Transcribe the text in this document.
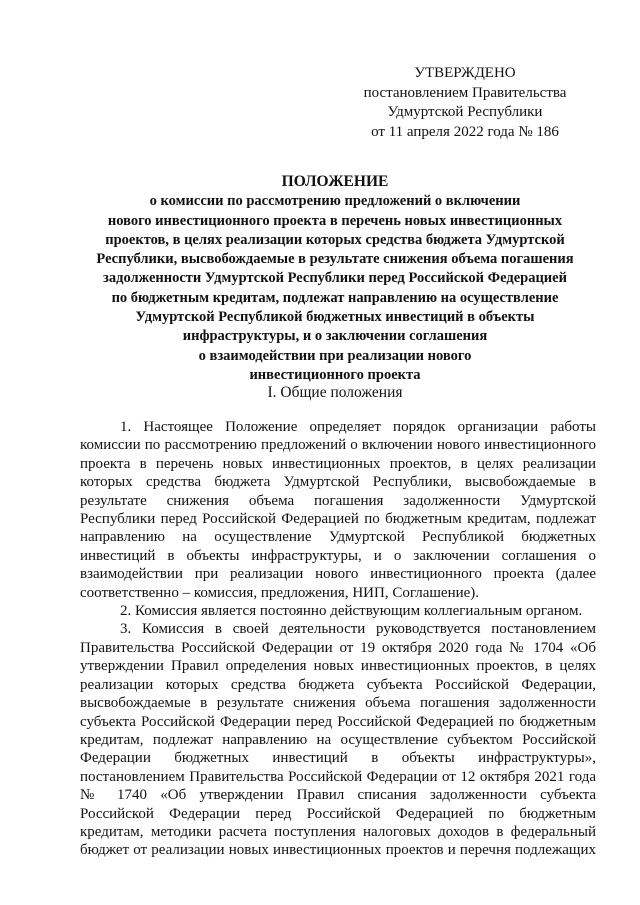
УТВЕРЖДЕНО
постановлением Правительства
Удмуртской Республики
от 11 апреля 2022 года № 186
ПОЛОЖЕНИЕ
о комиссии по рассмотрению предложений о включении
нового инвестиционного проекта в перечень новых инвестиционных
проектов, в целях реализации которых средства бюджета Удмуртской
Республики, высвобождаемые в результате снижения объема погашения
задолженности Удмуртской Республики перед Российской Федерацией
по бюджетным кредитам, подлежат направлению на осуществление
Удмуртской Республикой бюджетных инвестиций в объекты
инфраструктуры, и о заключении соглашения
о взаимодействии при реализации нового
инвестиционного проекта
I. Общие положения
1. Настоящее Положение определяет порядок организации работы
комиссии по рассмотрению предложений о включении нового инвестиционного
проекта в перечень новых инвестиционных проектов, в целях реализации
которых средства бюджета Удмуртской Республики, высвобождаемые в
результате снижения объема погашения задолженности Удмуртской
Республики перед Российской Федерацией по бюджетным кредитам, подлежат
направлению на осуществление Удмуртской Республикой бюджетных
инвестиций в объекты инфраструктуры, и о заключении соглашения о
взаимодействии при реализации нового инвестиционного проекта (далее
соответственно – комиссия, предложения, НИП, Соглашение).
2. Комиссия является постоянно действующим коллегиальным органом.
3. Комиссия в своей деятельности руководствуется постановлением
Правительства Российской Федерации от 19 октября 2020 года № 1704 «Об
утверждении Правил определения новых инвестиционных проектов, в целях
реализации которых средства бюджета субъекта Российской Федерации,
высвобождаемые в результате снижения объема погашения задолженности
субъекта Российской Федерации перед Российской Федерацией по бюджетным
кредитам, подлежат направлению на осуществление субъектом Российской
Федерации бюджетных инвестиций в объекты инфраструктуры»,
постановлением Правительства Российской Федерации от 12 октября 2021 года
№ 1740 «Об утверждении Правил списания задолженности субъекта
Российской Федерации перед Российской Федерацией по бюджетным
кредитам, методики расчета поступления налоговых доходов в федеральный
бюджет от реализации новых инвестиционных проектов и перечня подлежащих
